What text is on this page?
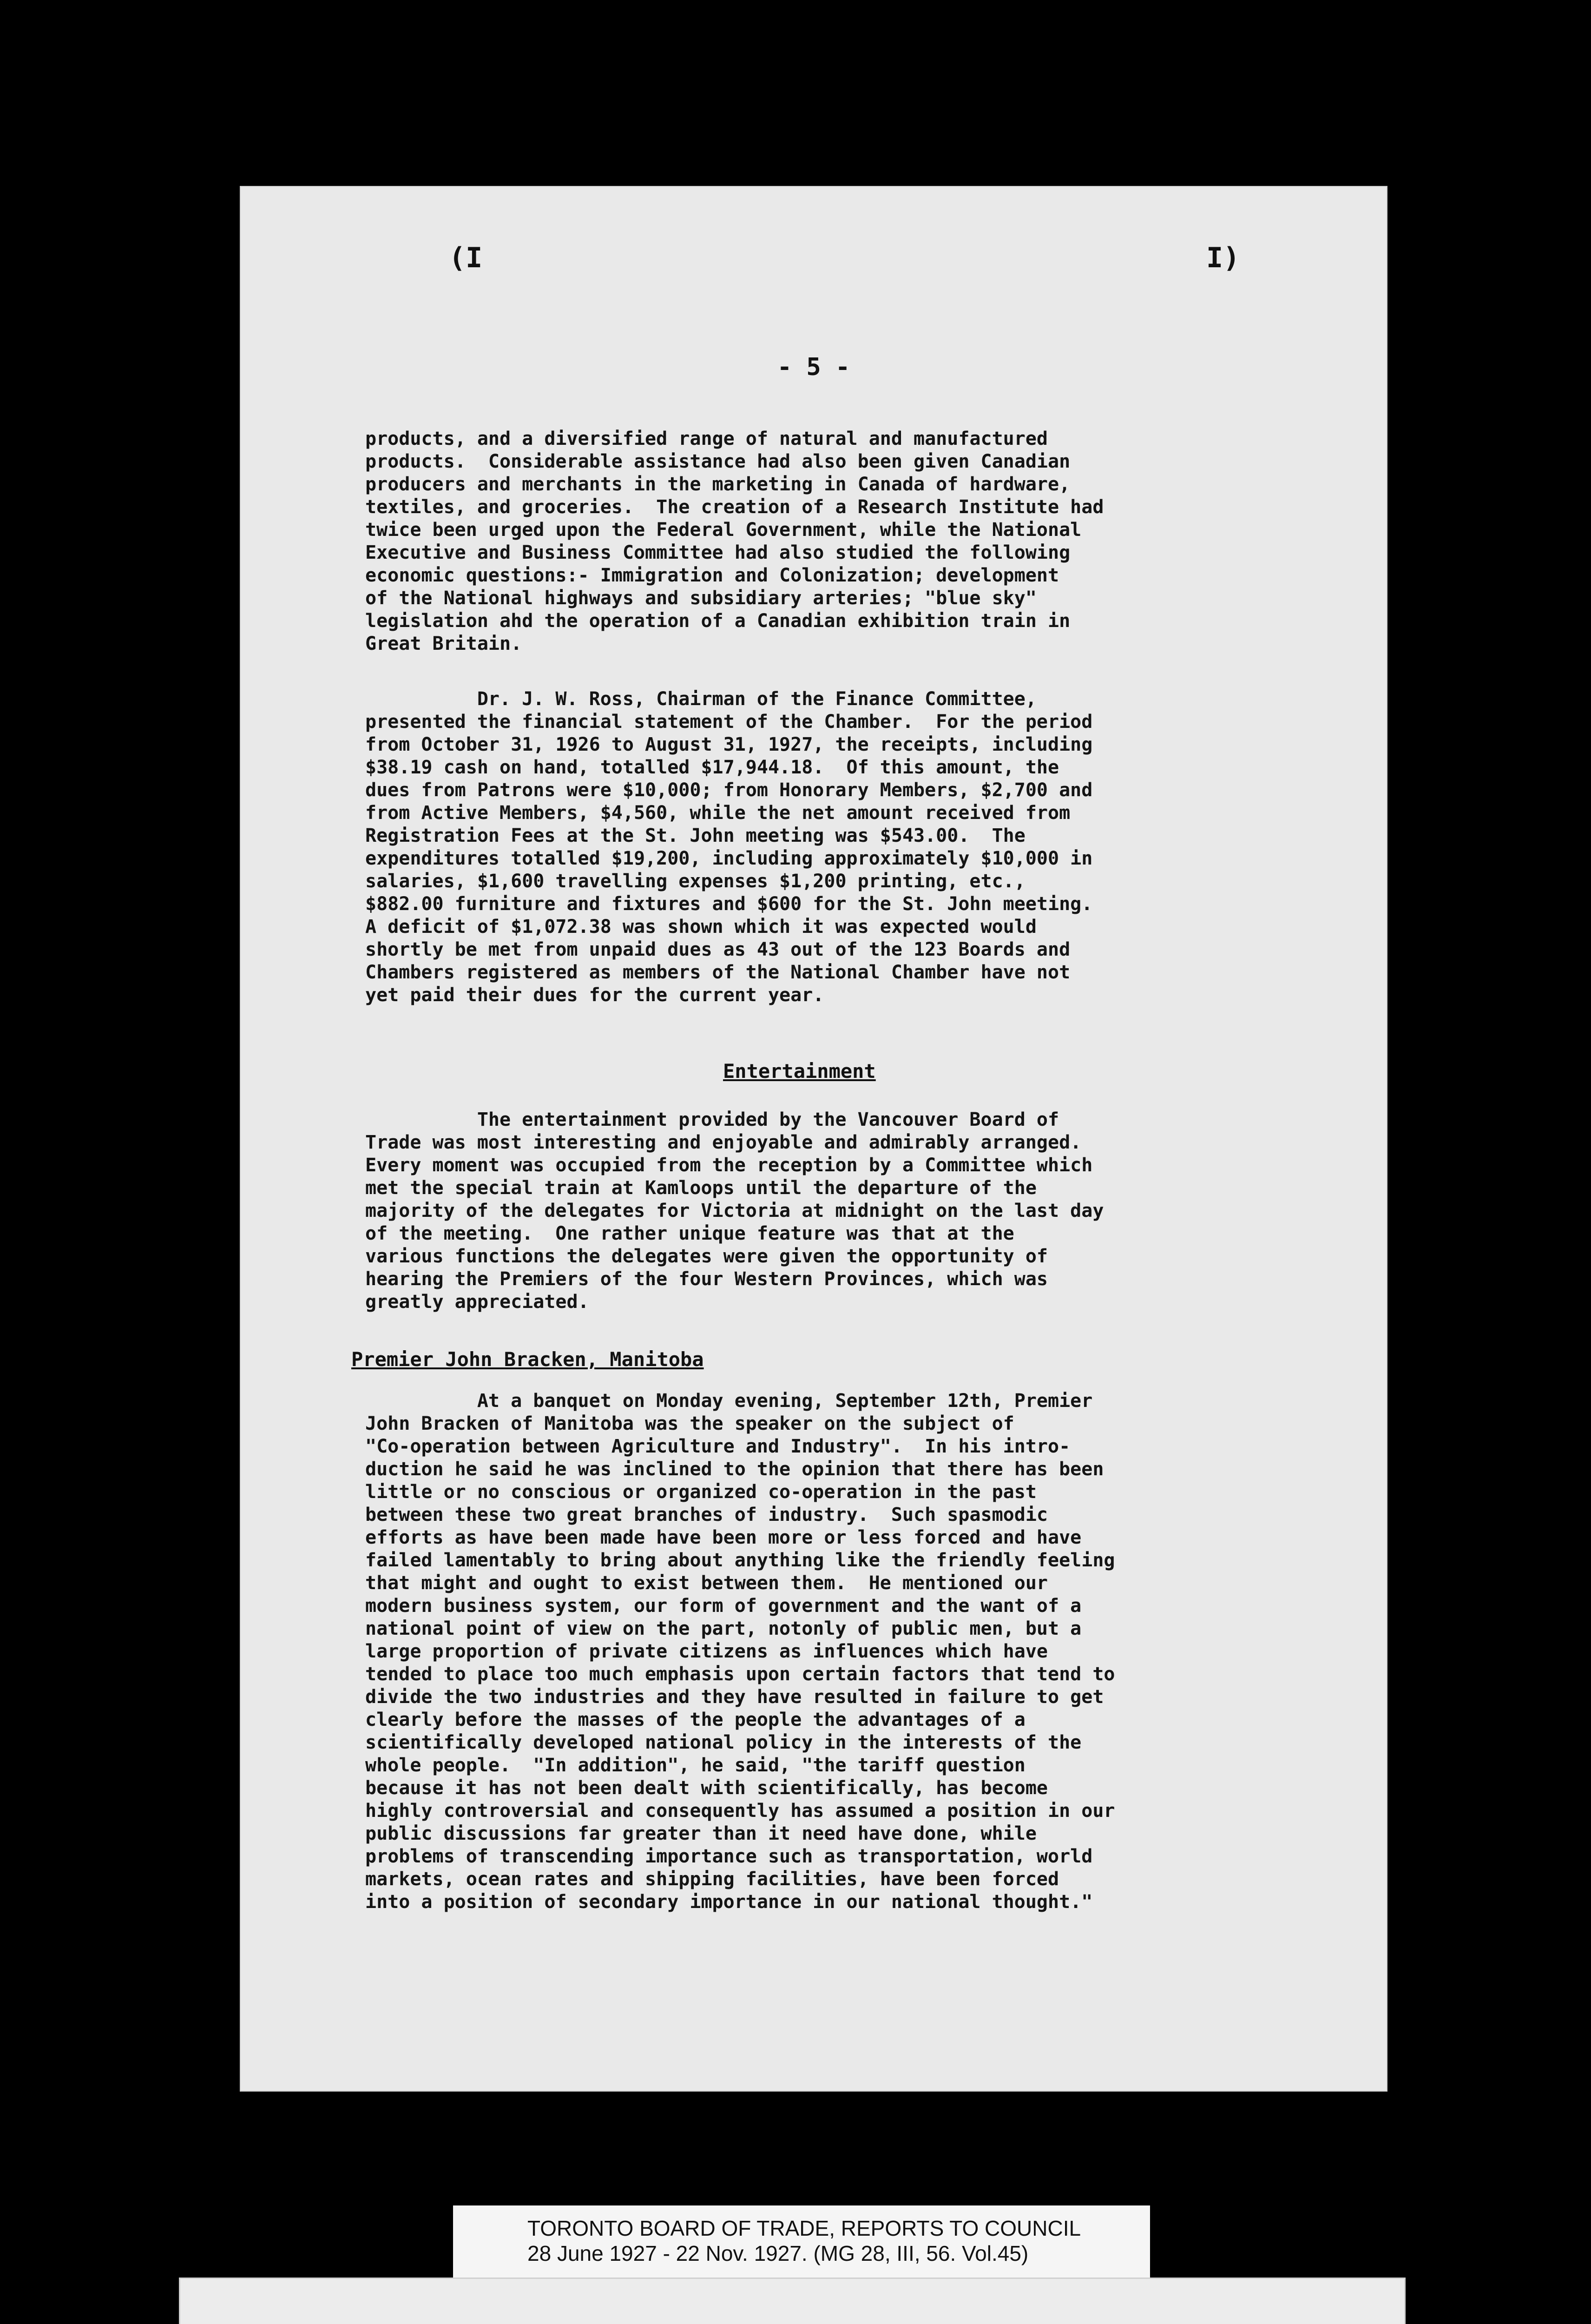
(I	I)
- 5 -
products, and a diversified range of natural and manufactured
products.  Considerable assistance had also been given Canadian
producers and merchants in the marketing in Canada of hardware,
textiles, and groceries.  The creation of a Research Institute had
twice been urged upon the Federal Government, while the National
Executive and Business Committee had also studied the following
economic questions:- Immigration and Colonization; development
of the National highways and subsidiary arteries; "blue sky"
legislation ahd the operation of a Canadian exhibition train in
Great Britain.
Dr. J. W. Ross, Chairman of the Finance Committee,
presented the financial statement of the Chamber.  For the period
from October 31, 1926 to August 31, 1927, the receipts, including
$38.19 cash on hand, totalled $17,944.18.  Of this amount, the
dues from Patrons were $10,000; from Honorary Members, $2,700 and
from Active Members, $4,560, while the net amount received from
Registration Fees at the St. John meeting was $543.00.  The
expenditures totalled $19,200, including approximately $10,000 in
salaries, $1,600 travelling expenses $1,200 printing, etc.,
$882.00 furniture and fixtures and $600 for the St. John meeting.
A deficit of $1,072.38 was shown which it was expected would
shortly be met from unpaid dues as 43 out of the 123 Boards and
Chambers registered as members of the National Chamber have not
yet paid their dues for the current year.
Entertainment
The entertainment provided by the Vancouver Board of
Trade was most interesting and enjoyable and admirably arranged.
Every moment was occupied from the reception by a Committee which
met the special train at Kamloops until the departure of the
majority of the delegates for Victoria at midnight on the last day
of the meeting.  One rather unique feature was that at the
various functions the delegates were given the opportunity of
hearing the Premiers of the four Western Provinces, which was
greatly appreciated.
Premier John Bracken, Manitoba
At a banquet on Monday evening, September 12th, Premier
John Bracken of Manitoba was the speaker on the subject of
"Co-operation between Agriculture and Industry".  In his intro-
duction he said he was inclined to the opinion that there has been
little or no conscious or organized co-operation in the past
between these two great branches of industry.  Such spasmodic
efforts as have been made have been more or less forced and have
failed lamentably to bring about anything like the friendly feeling
that might and ought to exist between them.  He mentioned our
modern business system, our form of government and the want of a
national point of view on the part, notonly of public men, but a
large proportion of private citizens as influences which have
tended to place too much emphasis upon certain factors that tend to
divide the two industries and they have resulted in failure to get
clearly before the masses of the people the advantages of a
scientifically developed national policy in the interests of the
whole people.  "In addition", he said, "the tariff question
because it has not been dealt with scientifically, has become
highly controversial and consequently has assumed a position in our
public discussions far greater than it need have done, while
problems of transcending importance such as transportation, world
markets, ocean rates and shipping facilities, have been forced
into a position of secondary importance in our national thought."
TORONTO BOARD OF TRADE, REPORTS TO COUNCIL
28 June 1927 - 22 Nov. 1927. (MG 28, III, 56. Vol.45)
